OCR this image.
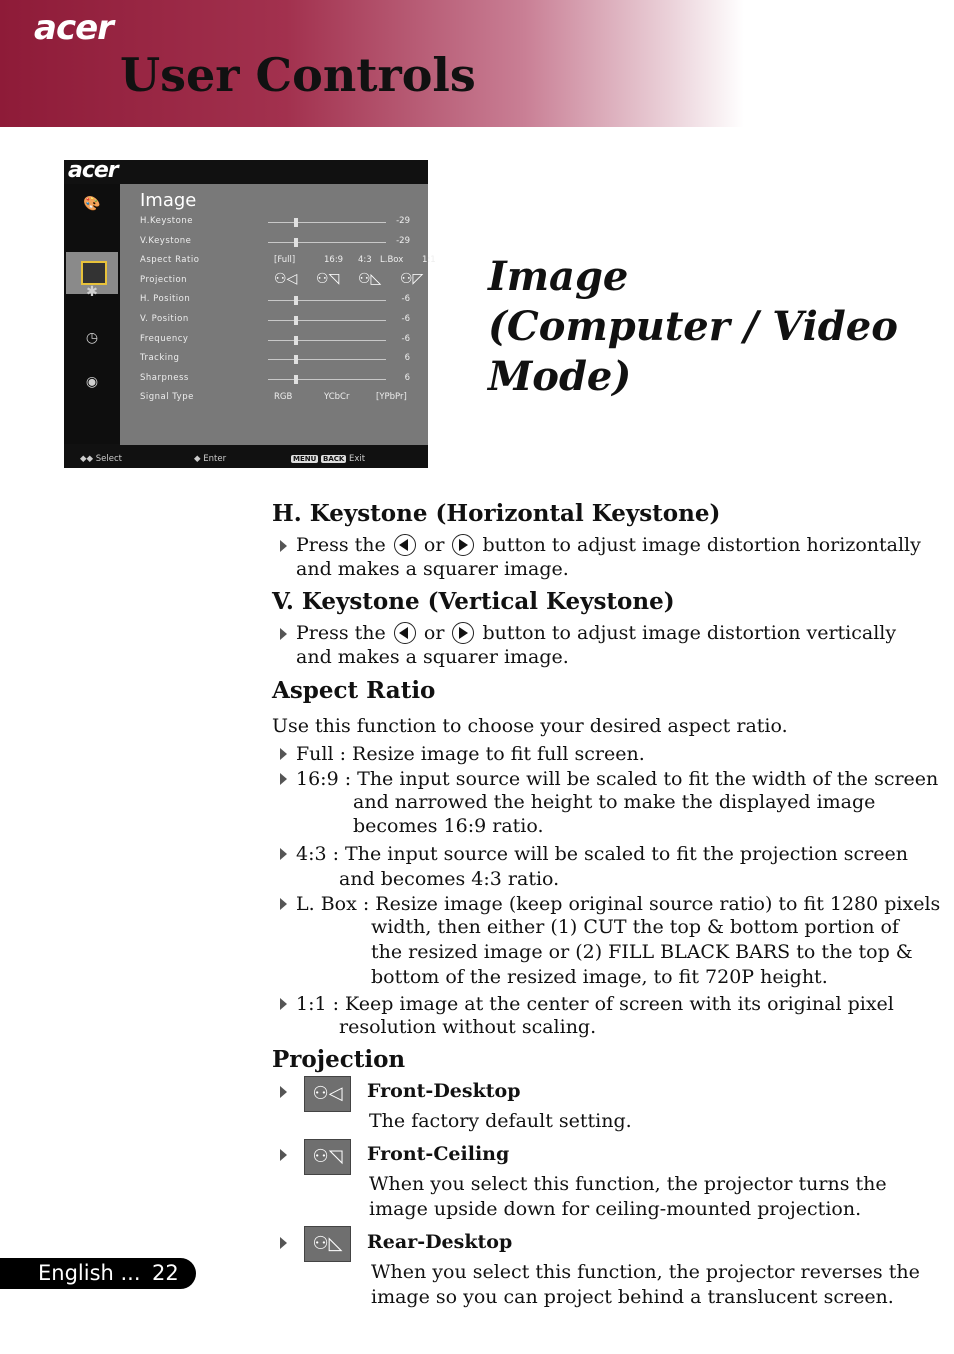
acer
User Controls
acer
🎨
✱
◷
◉
Image
H.Keystone	-29
V.Keystone	-29
Aspect Ratio	[Full]	16:9 4:3 L.Box 1:1
Projection	⚇◁ ⚇◹ ⚇◺ ⚇◸
H. Position	-6
V. Position	-6
Frequency	-6
Tracking	6
Sharpness	6
Signal Type	RGB	YCbCr	[YPbPr]
◆◆ Select	◆ Enter	MENU BACK Exit
Image
(Computer / Video
Mode)
H. Keystone (Horizontal Keystone)
Press the or button to adjust image distortion horizontally
and makes a squarer image.
V. Keystone (Vertical Keystone)
Press the or button to adjust image distortion vertically
and makes a squarer image.
Aspect Ratio
Use this function to choose your desired aspect ratio.
Full : Resize image to fit full screen.
16:9 : The input source will be scaled to fit the width of the screen
and narrowed the height to make the displayed image
becomes 16:9 ratio.
4:3 : The input source will be scaled to fit the projection screen
and becomes 4:3 ratio.
L. Box : Resize image (keep original source ratio) to fit 1280 pixels
width, then either (1) CUT the top & bottom portion of
the resized image or (2) FILL BLACK BARS to the top &
bottom of the resized image, to fit 720P height.
1:1 : Keep image at the center of screen with its original pixel
resolution without scaling.
Projection
⚇◁	Front-Desktop
The factory default setting.
⚇◹	Front-Ceiling
When you select this function, the projector turns the
image upside down for ceiling-mounted projection.
⚇◺	Rear-Desktop
When you select this function, the projector reverses the
image so you can project behind a translucent screen.
English ... 22
